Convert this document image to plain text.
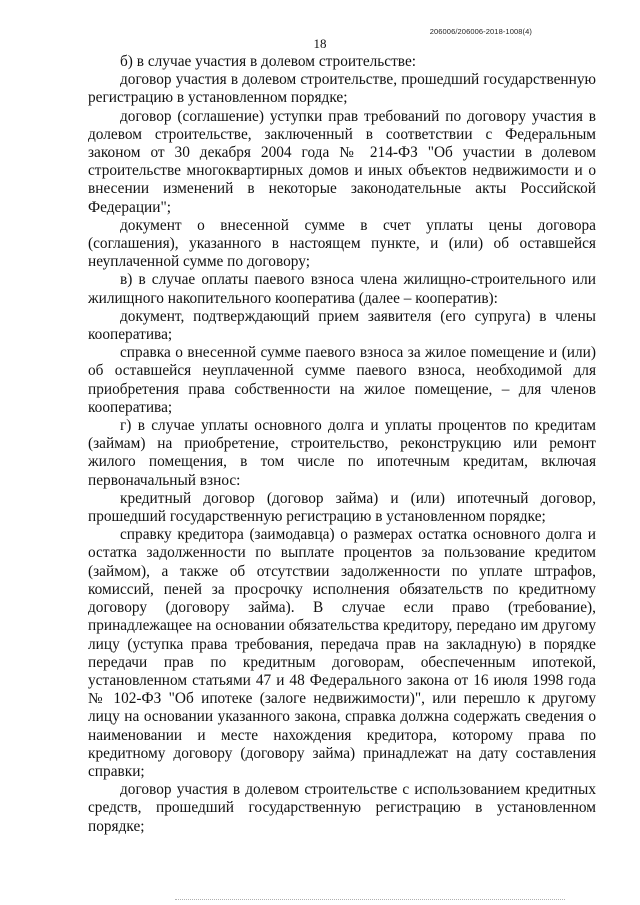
206006/206006-2018-1008(4)
18

б) в случае участия в долевом строительстве:

договор участия в долевом строительстве, прошедший государственную регистрацию в установленном порядке;

договор (соглашение) уступки прав требований по договору участия в долевом строительстве, заключенный в соответствии с Федеральным законом от 30 декабря 2004 года № 214-ФЗ "Об участии в долевом строительстве многоквартирных домов и иных объектов недвижимости и о внесении изменений в некоторые законодательные акты Российской Федерации";

документ о внесенной сумме в счет уплаты цены договора (соглашения), указанного в настоящем пункте, и (или) об оставшейся неуплаченной сумме по договору;

в) в случае оплаты паевого взноса члена жилищно-строительного или жилищного накопительного кооператива (далее – кооператив):

документ, подтверждающий прием заявителя (его супруга) в члены кооператива;

справка о внесенной сумме паевого взноса за жилое помещение и (или) об оставшейся неуплаченной сумме паевого взноса, необходимой для приобретения права собственности на жилое помещение, – для членов кооператива;

г) в случае уплаты основного долга и уплаты процентов по кредитам (займам) на приобретение, строительство, реконструкцию или ремонт жилого помещения, в том числе по ипотечным кредитам, включая первоначальный взнос:

кредитный договор (договор займа) и (или) ипотечный договор, прошедший государственную регистрацию в установленном порядке;

справку кредитора (заимодавца) о размерах остатка основного долга и остатка задолженности по выплате процентов за пользование кредитом (займом), а также об отсутствии задолженности по уплате штрафов, комиссий, пеней за просрочку исполнения обязательств по кредитному договору (договору займа). В случае если право (требование), принадлежащее на основании обязательства кредитору, передано им другому лицу (уступка права требования, передача прав на закладную) в порядке передачи прав по кредитным договорам, обеспеченным ипотекой, установленном статьями 47 и 48 Федерального закона от 16 июля 1998 года № 102-ФЗ "Об ипотеке (залоге недвижимости)", или перешло к другому лицу на основании указанного закона, справка должна содержать сведения о наименовании и месте нахождения кредитора, которому права по кредитному договору (договору займа) принадлежат на дату составления справки;

договор участия в долевом строительстве с использованием кредитных средств, прошедший государственную регистрацию в установленном порядке;
